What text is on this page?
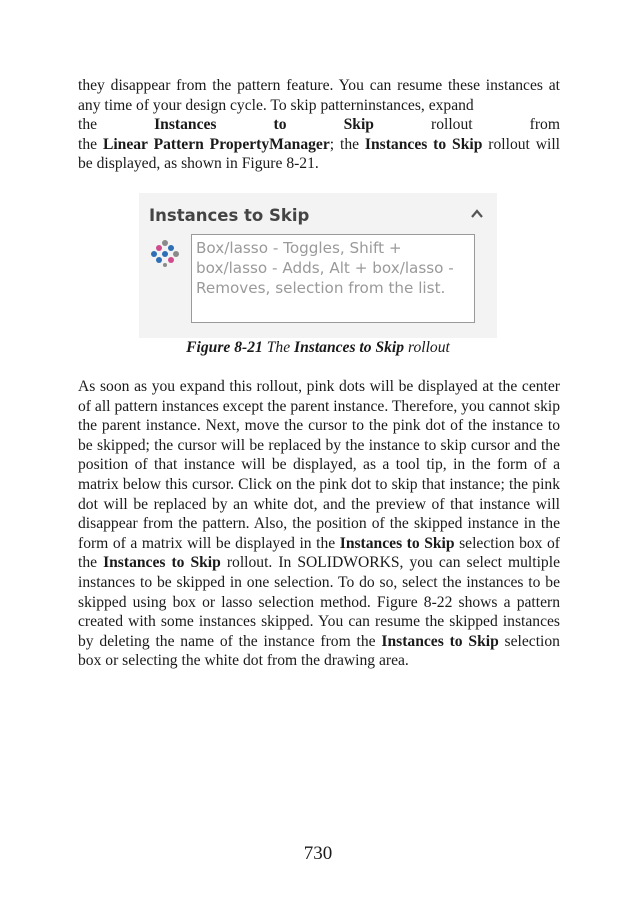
they disappear from the pattern feature. You can resume these instances at any time of your design cycle. To skip patterninstances, expand
the	Instances	to	Skip	rollout	from
the Linear Pattern PropertyManager; the Instances to Skip rollout will be displayed, as shown in Figure 8-21.
Instances to Skip
Box/lasso - Toggles, Shift +
box/lasso - Adds, Alt + box/lasso -
Removes, selection from the list.
Figure 8-21 The Instances to Skip rollout
As soon as you expand this rollout, pink dots will be displayed at the center of all pattern instances except the parent instance. Therefore, you cannot skip the parent instance. Next, move the cursor to the pink dot of the instance to be skipped; the cursor will be replaced by the instance to skip cursor and the position of that instance will be displayed, as a tool tip, in the form of a matrix below this cursor. Click on the pink dot to skip that instance; the pink dot will be replaced by an white dot, and the preview of that instance will disappear from the pattern. Also, the position of the skipped instance in the form of a matrix will be displayed in the Instances to Skip selection box of the Instances to Skip rollout. In SOLIDWORKS, you can select multiple instances to be skipped in one selection. To do so, select the instances to be skipped using box or lasso selection method. Figure 8-22 shows a pattern created with some instances skipped. You can resume the skipped instances by deleting the name of the instance from the Instances to Skip selection box or selecting the white dot from the drawing area.
730
